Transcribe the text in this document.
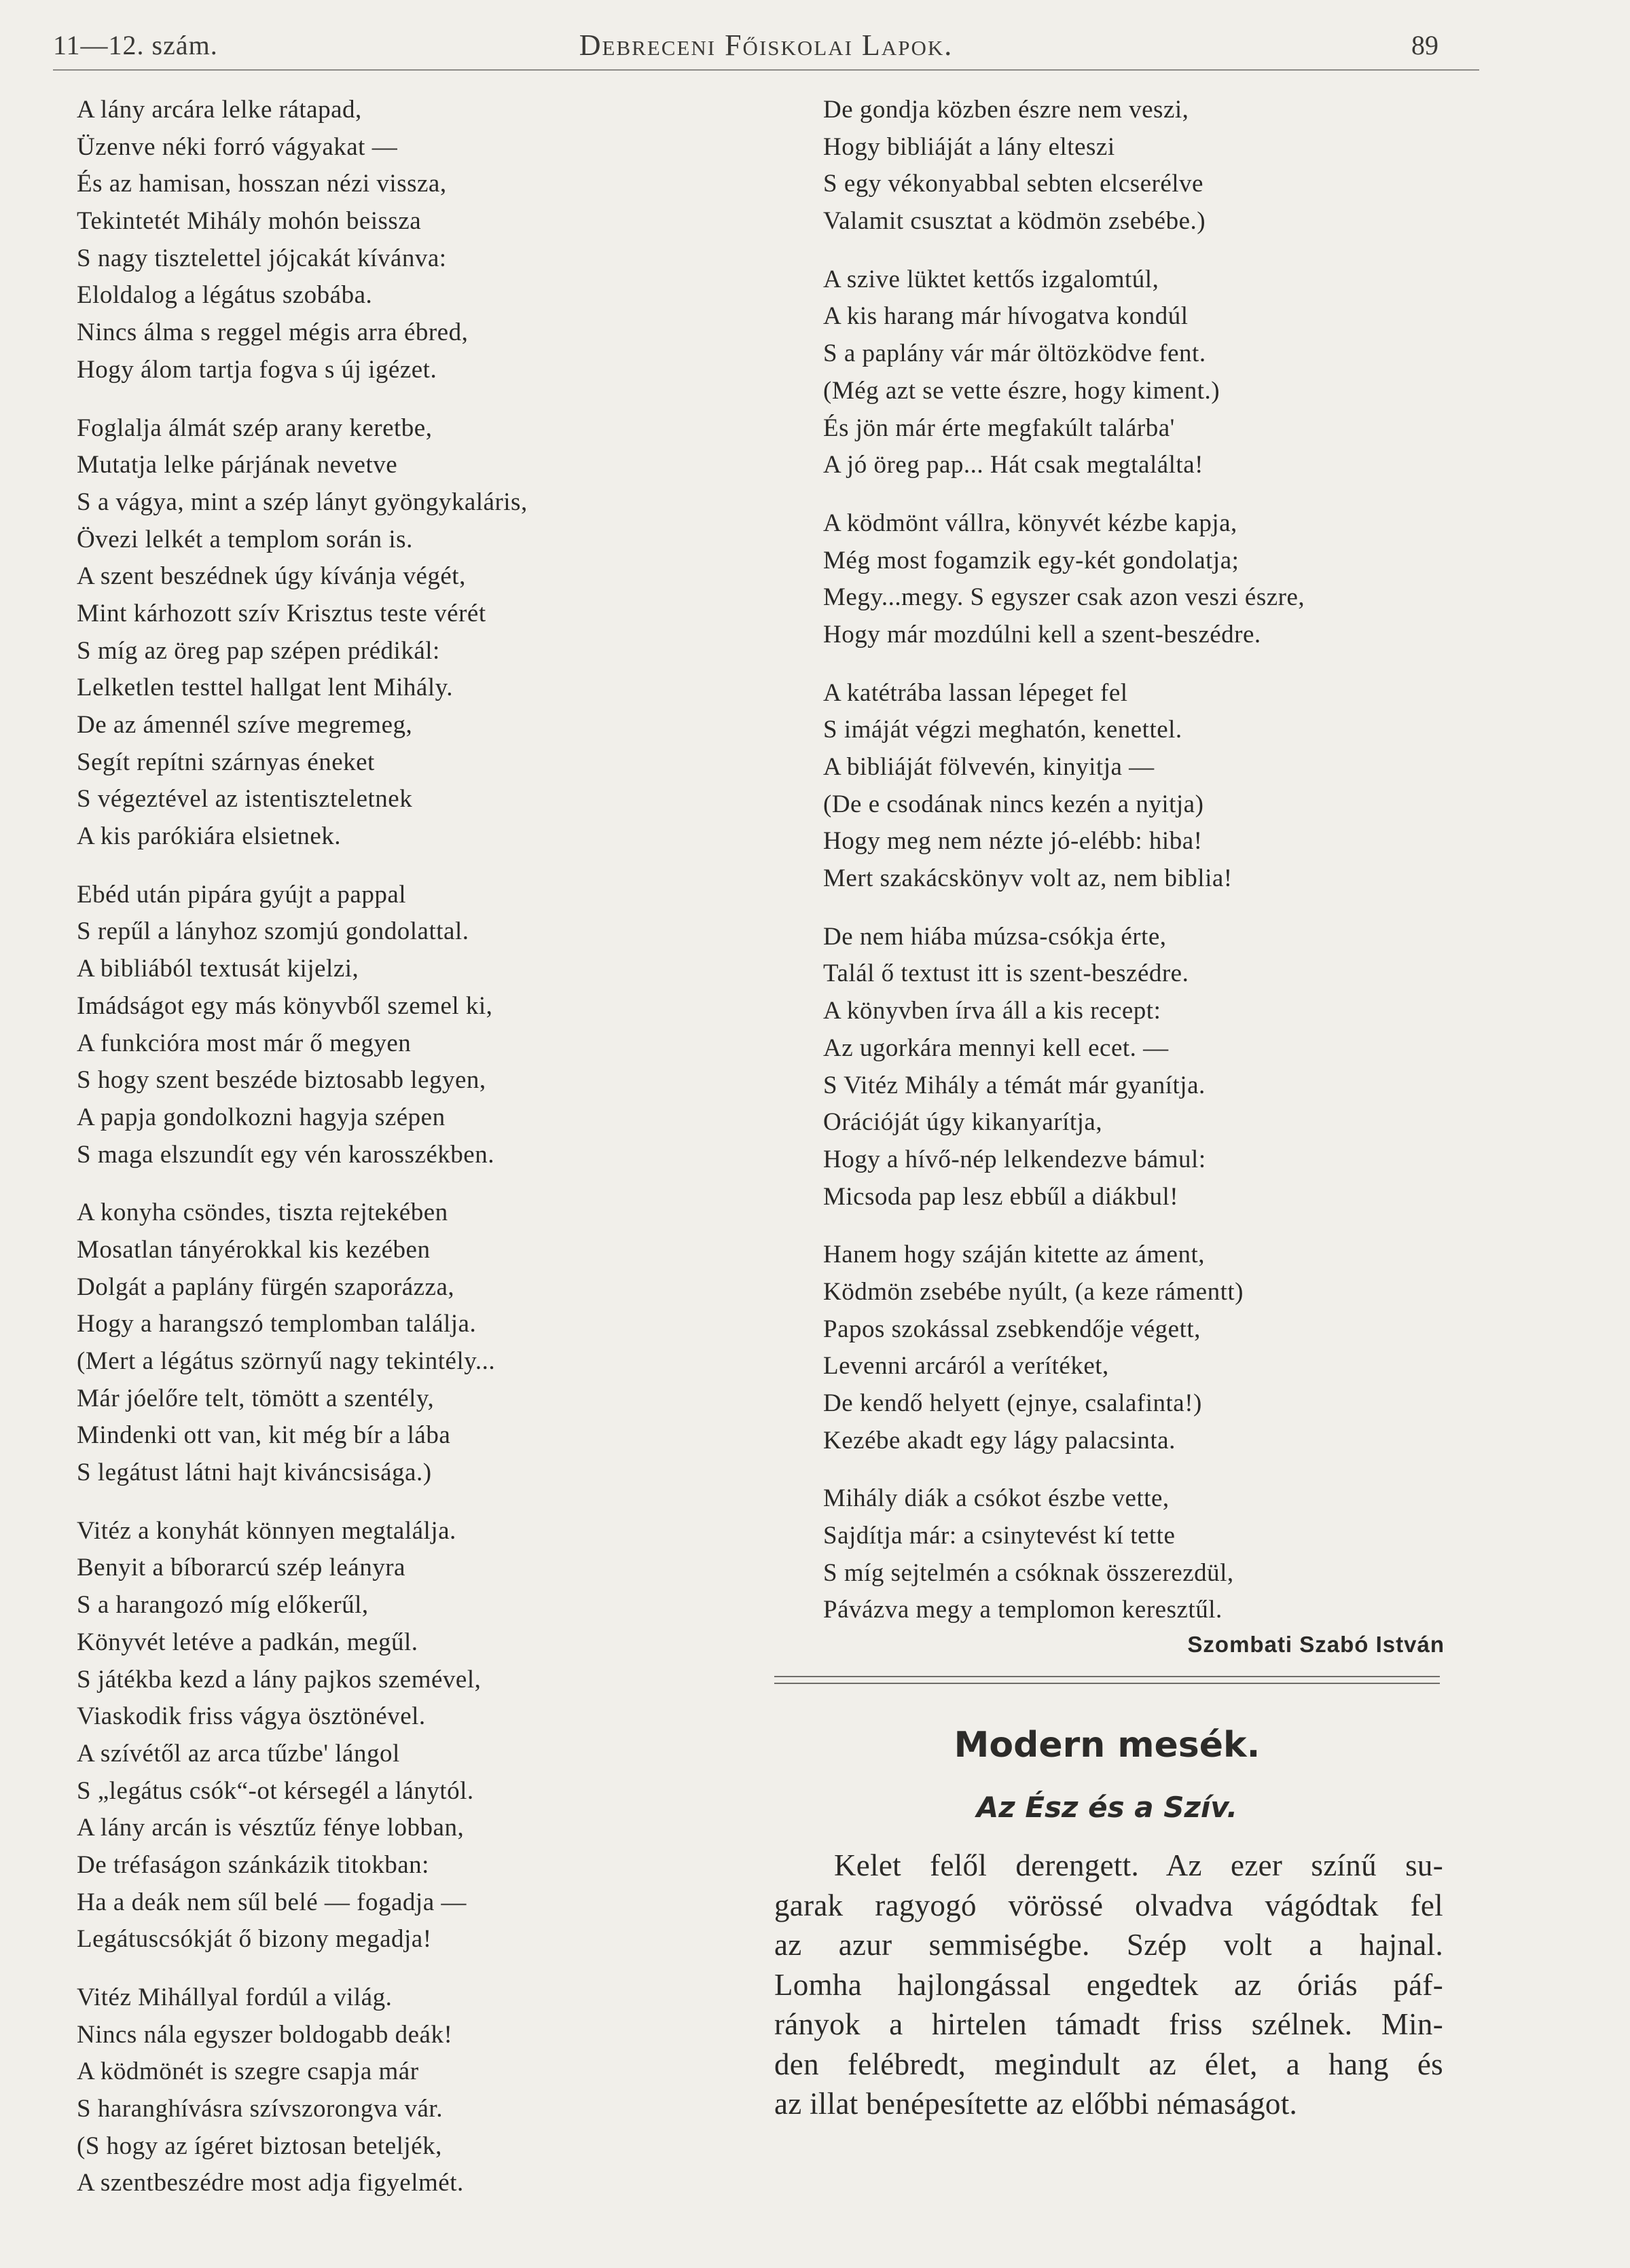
11—12. szám.	Debreceni Főiskolai Lapok.	89
A lány arcára lelke rátapad,
Üzenve néki forró vágyakat —
És az hamisan, hosszan nézi vissza,
Tekintetét Mihály mohón beissza
S nagy tisztelettel jójcakát kívánva:
Eloldalog a légátus szobába.
Nincs álma s reggel mégis arra ébred,
Hogy álom tartja fogva s új igézet.
Foglalja álmát szép arany keretbe,
Mutatja lelke párjának nevetve
S a vágya, mint a szép lányt gyöngykaláris,
Övezi lelkét a templom során is.
A szent beszédnek úgy kívánja végét,
Mint kárhozott szív Krisztus teste vérét
S míg az öreg pap szépen prédikál:
Lelketlen testtel hallgat lent Mihály.
De az ámennél szíve megremeg,
Segít repítni szárnyas éneket
S végeztével az istentiszteletnek
A kis parókiára elsietnek.
Ebéd után pipára gyújt a pappal
S repűl a lányhoz szomjú gondolattal.
A bibliából textusát kijelzi,
Imádságot egy más könyvből szemel ki,
A funkcióra most már ő megyen
S hogy szent beszéde biztosabb legyen,
A papja gondolkozni hagyja szépen
S maga elszundít egy vén karosszékben.
A konyha csöndes, tiszta rejtekében
Mosatlan tányérokkal kis kezében
Dolgát a paplány fürgén szaporázza,
Hogy a harangszó templomban találja.
(Mert a légátus szörnyű nagy tekintély...
Már jóelőre telt, tömött a szentély,
Mindenki ott van, kit még bír a lába
S legátust látni hajt kiváncsisága.)
Vitéz a konyhát könnyen megtalálja.
Benyit a bíborarcú szép leányra
S a harangozó míg előkerűl,
Könyvét letéve a padkán, megűl.
S játékba kezd a lány pajkos szemével,
Viaskodik friss vágya ösztönével.
A szívétől az arca tűzbe' lángol
S „legátus csók“-ot kérsegél a lánytól.
A lány arcán is vésztűz fénye lobban,
De tréfaságon szánkázik titokban:
Ha a deák nem sűl belé — fogadja —
Legátuscsókját ő bizony megadja!
Vitéz Mihállyal fordúl a világ.
Nincs nála egyszer boldogabb deák!
A ködmönét is szegre csapja már
S haranghívásra szívszorongva vár.
(S hogy az ígéret biztosan beteljék,
A szentbeszédre most adja figyelmét.
De gondja közben észre nem veszi,
Hogy bibliáját a lány elteszi
S egy vékonyabbal sebten elcserélve
Valamit csusztat a ködmön zsebébe.)
A szive lüktet kettős izgalomtúl,
A kis harang már hívogatva kondúl
S a paplány vár már öltözködve fent.
(Még azt se vette észre, hogy kiment.)
És jön már érte megfakúlt talárba'
A jó öreg pap... Hát csak megtalálta!
A ködmönt vállra, könyvét kézbe kapja,
Még most fogamzik egy-két gondolatja;
Megy...megy. S egyszer csak azon veszi észre,
Hogy már mozdúlni kell a szent-beszédre.
A katétrába lassan lépeget fel
S imáját végzi meghatón, kenettel.
A bibliáját fölvevén, kinyitja —
(De e csodának nincs kezén a nyitja)
Hogy meg nem nézte jó-elébb: hiba!
Mert szakácskönyv volt az, nem biblia!
De nem hiába múzsa-csókja érte,
Talál ő textust itt is szent-beszédre.
A könyvben írva áll a kis recept:
Az ugorkára mennyi kell ecet. —
S Vitéz Mihály a témát már gyanítja.
Orációját úgy kikanyarítja,
Hogy a hívő-nép lelkendezve bámul:
Micsoda pap lesz ebbűl a diákbul!
Hanem hogy száján kitette az áment,
Ködmön zsebébe nyúlt, (a keze rámentt)
Papos szokással zsebkendője végett,
Levenni arcáról a verítéket,
De kendő helyett (ejnye, csalafinta!)
Kezébe akadt egy lágy palacsinta.
Mihály diák a csókot észbe vette,
Sajdítja már: a csinytevést kí tette
S míg sejtelmén a csóknak összerezdül,
Pávázva megy a templomon keresztűl.
Szombati Szabó István
Modern mesék.
Az Ész és a Szív.
Kelet felől derengett. Az ezer színű su-
garak ragyogó vörössé olvadva vágódtak fel
az azur semmiségbe. Szép volt a hajnal.
Lomha hajlongással engedtek az óriás páf-
rányok a hirtelen támadt friss szélnek. Min-
den felébredt, megindult az élet, a hang és
az illat benépesítette az előbbi némaságot.
